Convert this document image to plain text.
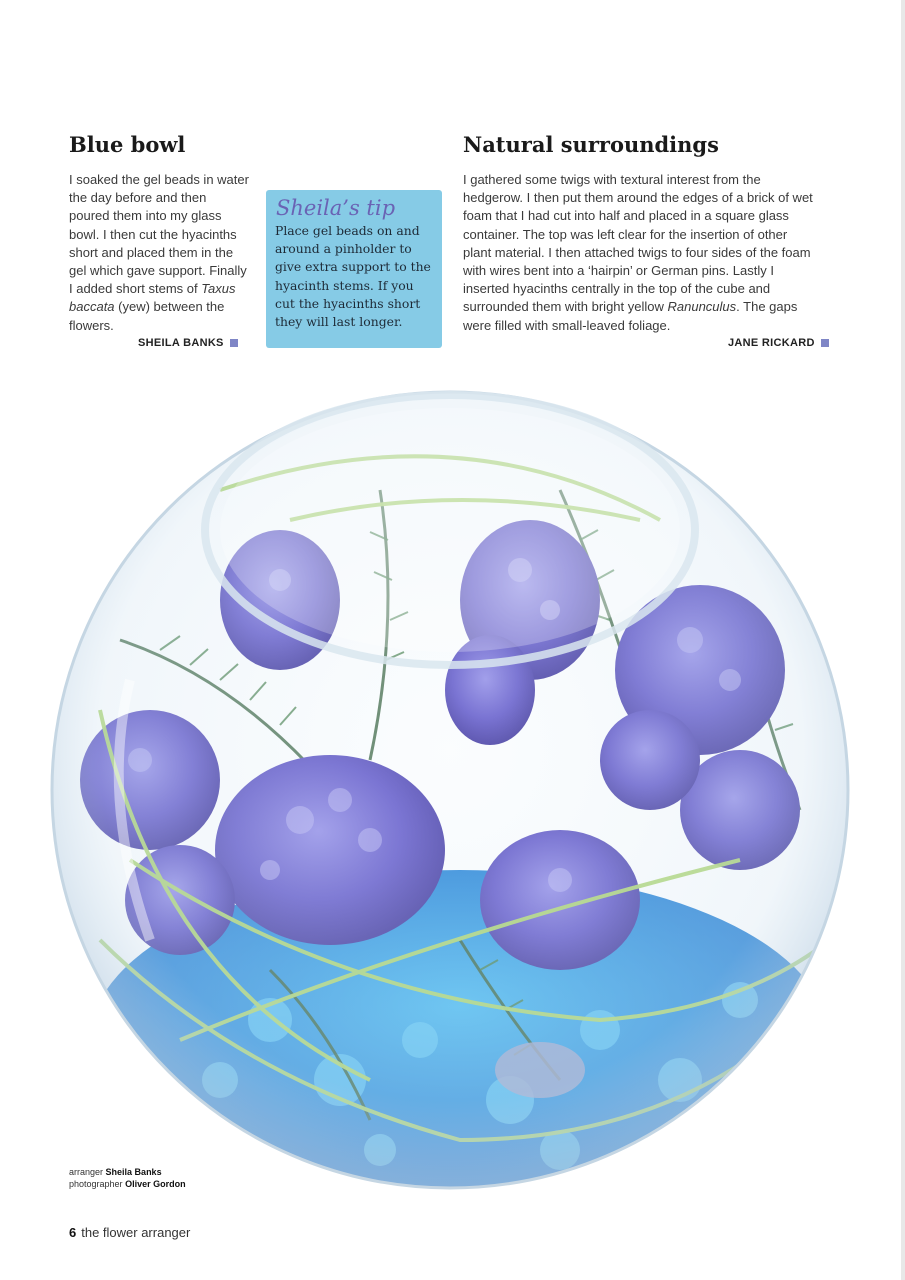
Blue bowl

I soaked the gel beads in water the day before and then poured them into my glass bowl. I then cut the hyacinths short and placed them in the gel which gave support. Finally I added short stems of Taxus baccata (yew) between the flowers.

SHEILA BANKS

Sheila’s tip

Place gel beads on and around a pinholder to give extra support to the hyacinth stems. If you cut the hyacinths short they will last longer.

Natural surroundings

I gathered some twigs with textural interest from the hedgerow. I then put them around the edges of a brick of wet foam that I had cut into half and placed in a square glass container. The top was left clear for the insertion of other plant material. I then attached twigs to four sides of the foam with wires bent into a ‘hairpin’ or German pins. Lastly I inserted hyacinths centrally in the top of the cube and surrounded them with bright yellow Ranunculus. The gaps were filled with small-leaved foliage.

JANE RICKARD
arranger Sheila Banks
photographer Oliver Gordon
6 the flower arranger
